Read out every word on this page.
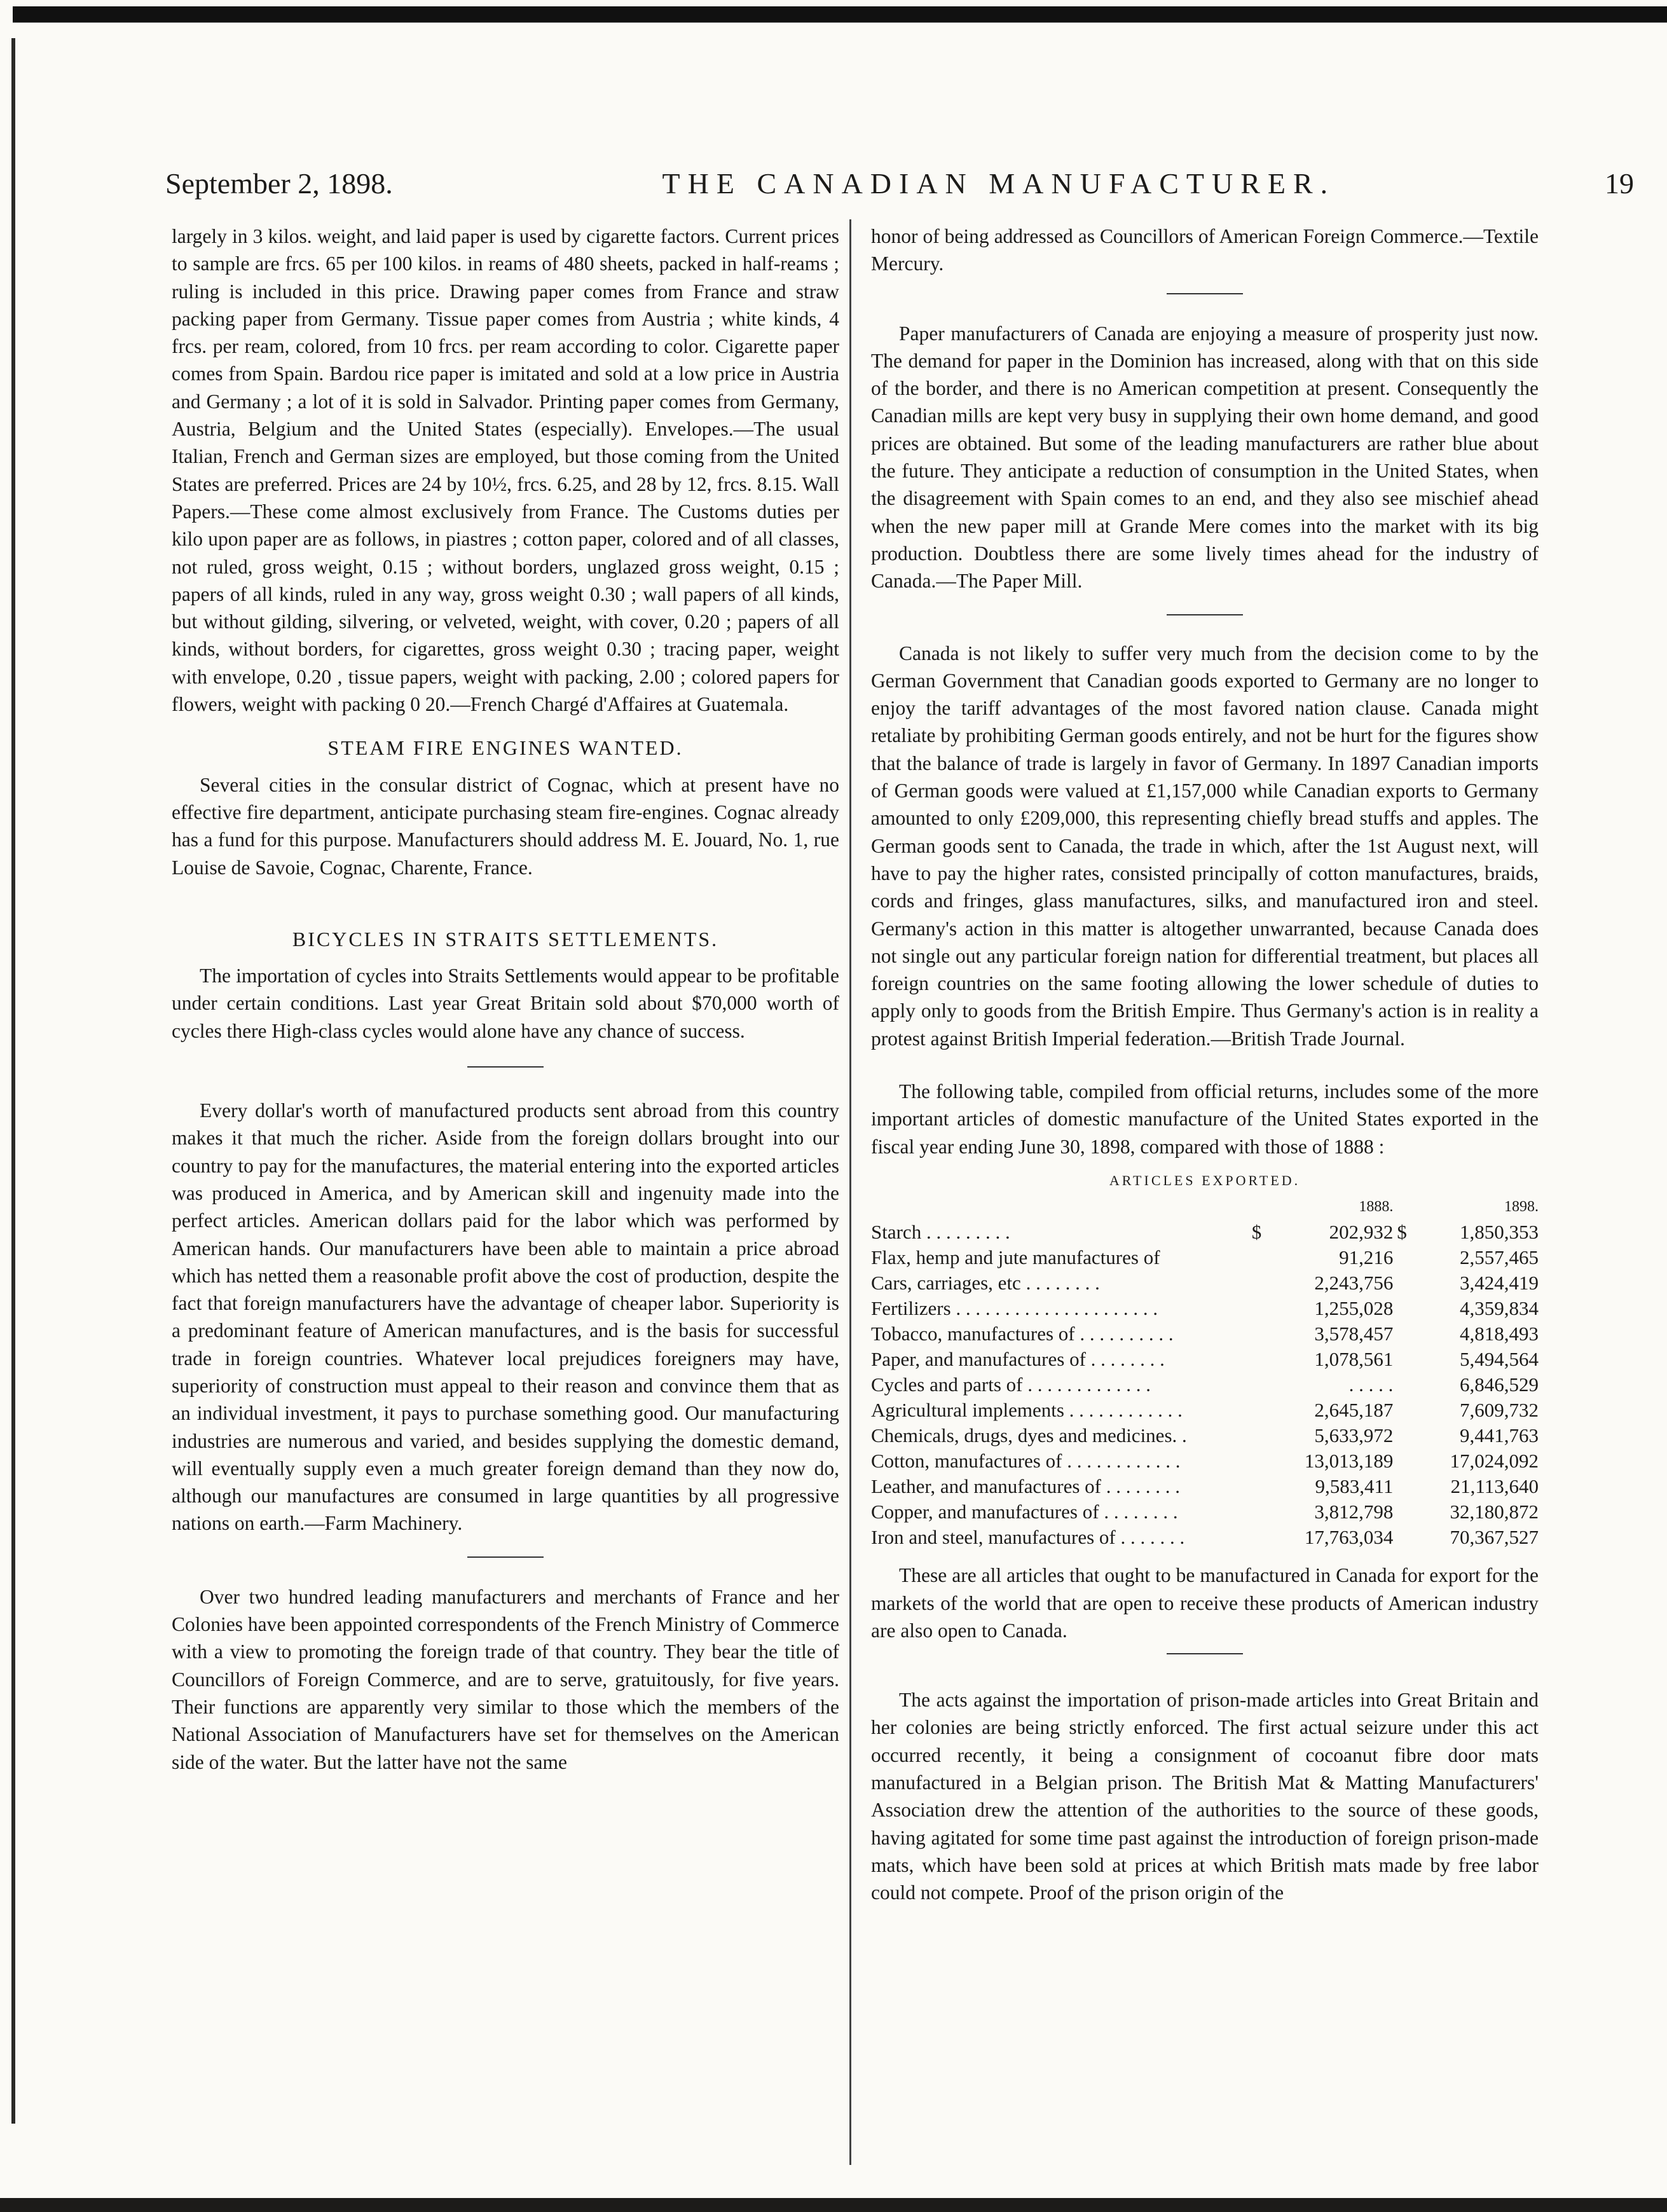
September 2, 1898.	THE CANADIAN MANUFACTURER.	19

largely in 3 kilos. weight, and laid paper is used by cigarette factors. Current prices to sample are frcs. 65 per 100 kilos. in reams of 480 sheets, packed in half-reams ; ruling is included in this price. Drawing paper comes from France and straw packing paper from Germany. Tissue paper comes from Austria ; white kinds, 4 frcs. per ream, colored, from 10 frcs. per ream according to color. Cigarette paper comes from Spain. Bardou rice paper is imitated and sold at a low price in Austria and Germany ; a lot of it is sold in Salvador. Printing paper comes from Germany, Austria, Belgium and the United States (especially). Envelopes.—The usual Italian, French and German sizes are employed, but those coming from the United States are preferred. Prices are 24 by 10½, frcs. 6.25, and 28 by 12, frcs. 8.15. Wall Papers.—These come almost exclusively from France. The Customs duties per kilo upon paper are as follows, in piastres ; cotton paper, colored and of all classes, not ruled, gross weight, 0.15 ; without borders, unglazed gross weight, 0.15 ; papers of all kinds, ruled in any way, gross weight 0.30 ; wall papers of all kinds, but without gilding, silvering, or velveted, weight, with cover, 0.20 ; papers of all kinds, without borders, for cigarettes, gross weight 0.30 ; tracing paper, weight with envelope, 0.20 , tissue papers, weight with packing, 2.00 ; colored papers for flowers, weight with packing 0 20.—French Chargé d'Affaires at Guatemala.

STEAM FIRE ENGINES WANTED.

Several cities in the consular district of Cognac, which at present have no effective fire department, anticipate purchasing steam fire-engines. Cognac already has a fund for this purpose. Manufacturers should address M. E. Jouard, No. 1, rue Louise de Savoie, Cognac, Charente, France.

BICYCLES IN STRAITS SETTLEMENTS.

The importation of cycles into Straits Settlements would appear to be profitable under certain conditions. Last year Great Britain sold about $70,000 worth of cycles there High-class cycles would alone have any chance of success.

Every dollar's worth of manufactured products sent abroad from this country makes it that much the richer. Aside from the foreign dollars brought into our country to pay for the manufactures, the material entering into the exported articles was produced in America, and by American skill and ingenuity made into the perfect articles. American dollars paid for the labor which was performed by American hands. Our manufacturers have been able to maintain a price abroad which has netted them a reasonable profit above the cost of production, despite the fact that foreign manufacturers have the advantage of cheaper labor. Superiority is a predominant feature of American manufactures, and is the basis for successful trade in foreign countries. Whatever local prejudices foreigners may have, superiority of construction must appeal to their reason and convince them that as an individual investment, it pays to purchase something good. Our manufacturing industries are numerous and varied, and besides supplying the domestic demand, will eventually supply even a much greater foreign demand than they now do, although our manufactures are consumed in large quantities by all progressive nations on earth.—Farm Machinery.

Over two hundred leading manufacturers and merchants of France and her Colonies have been appointed correspondents of the French Ministry of Commerce with a view to promoting the foreign trade of that country. They bear the title of Councillors of Foreign Commerce, and are to serve, gratuitously, for five years. Their functions are apparently very similar to those which the members of the National Association of Manufacturers have set for themselves on the American side of the water. But the latter have not the same

honor of being addressed as Councillors of American Foreign Commerce.—Textile Mercury.

Paper manufacturers of Canada are enjoying a measure of prosperity just now. The demand for paper in the Dominion has increased, along with that on this side of the border, and there is no American competition at present. Consequently the Canadian mills are kept very busy in supplying their own home demand, and good prices are obtained. But some of the leading manufacturers are rather blue about the future. They anticipate a reduction of consumption in the United States, when the disagreement with Spain comes to an end, and they also see mischief ahead when the new paper mill at Grande Mere comes into the market with its big production. Doubtless there are some lively times ahead for the industry of Canada.—The Paper Mill.

Canada is not likely to suffer very much from the decision come to by the German Government that Canadian goods exported to Germany are no longer to enjoy the tariff advantages of the most favored nation clause. Canada might retaliate by prohibiting German goods entirely, and not be hurt for the figures show that the balance of trade is largely in favor of Germany. In 1897 Canadian imports of German goods were valued at £1,157,000 while Canadian exports to Germany amounted to only £209,000, this representing chiefly bread stuffs and apples. The German goods sent to Canada, the trade in which, after the 1st August next, will have to pay the higher rates, consisted principally of cotton manufactures, braids, cords and fringes, glass manufactures, silks, and manufactured iron and steel. Germany's action in this matter is altogether unwarranted, because Canada does not single out any particular foreign nation for differential treatment, but places all foreign countries on the same footing allowing the lower schedule of duties to apply only to goods from the British Empire. Thus Germany's action is in reality a protest against British Imperial federation.—British Trade Journal.

The following table, compiled from official returns, includes some of the more important articles of domestic manufacture of the United States exported in the fiscal year ending June 30, 1898, compared with those of 1888 :

ARTICLES EXPORTED.
		1888.		1898.
Starch . . . . . . . . .	$	202,932	$	1,850,353
Flax, hemp and jute manufactures of		91,216		2,557,465
Cars, carriages, etc . . . . . . . .		2,243,756		3,424,419
Fertilizers . . . . . . . . . . . . . . . . . . . . .		1,255,028		4,359,834
Tobacco, manufactures of . . . . . . . . . .		3,578,457		4,818,493
Paper, and manufactures of . . . . . . . .		1,078,561		5,494,564
Cycles and parts of . . . . . . . . . . . . .		. . . . .		6,846,529
Agricultural implements . . . . . . . . . . . .		2,645,187		7,609,732
Chemicals, drugs, dyes and medicines. .		5,633,972		9,441,763
Cotton, manufactures of . . . . . . . . . . . .		13,013,189		17,024,092
Leather, and manufactures of . . . . . . . .		9,583,411		21,113,640
Copper, and manufactures of . . . . . . . .		3,812,798		32,180,872
Iron and steel, manufactures of . . . . . . .		17,763,034		70,367,527

These are all articles that ought to be manufactured in Canada for export for the markets of the world that are open to receive these products of American industry are also open to Canada.

The acts against the importation of prison-made articles into Great Britain and her colonies are being strictly enforced. The first actual seizure under this act occurred recently, it being a consignment of cocoanut fibre door mats manufactured in a Belgian prison. The British Mat & Matting Manufacturers' Association drew the attention of the authorities to the source of these goods, having agitated for some time past against the introduction of foreign prison-made mats, which have been sold at prices at which British mats made by free labor could not compete. Proof of the prison origin of the
